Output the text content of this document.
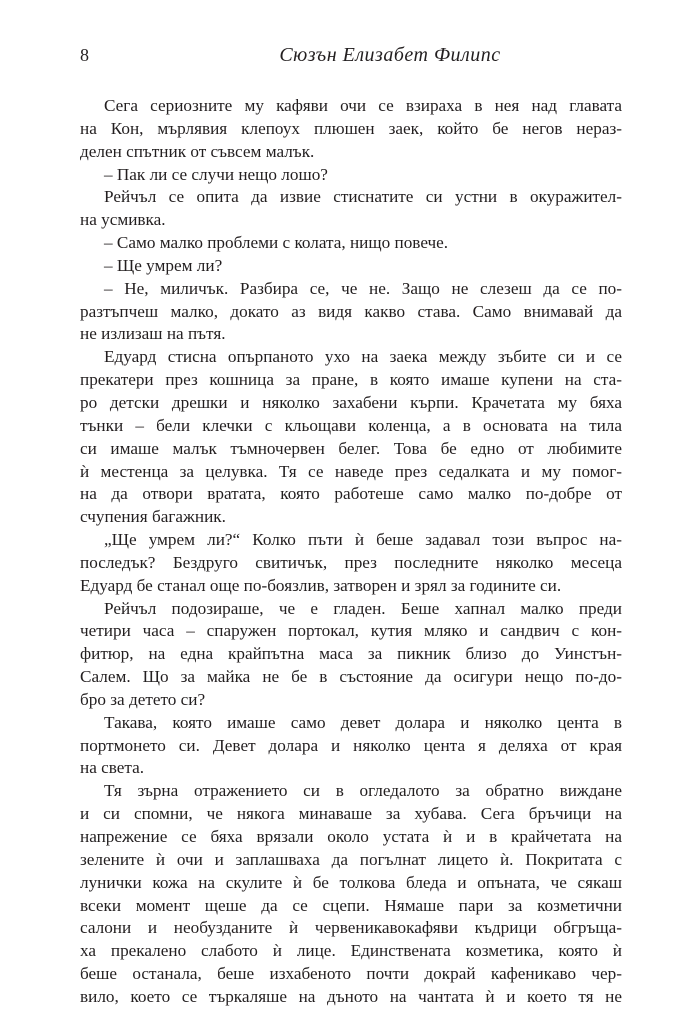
8	Сюзън Елизабет Филипс
Сега сериозните му кафяви очи се взираха в нея над главата
на Кон, мърлявия клепоух плюшен заек, който бе негов нераз-
делен спътник от съвсем малък.
– Пак ли се случи нещо лошо?
Рейчъл се опита да извие стиснатите си устни в окуражител-
на усмивка.
– Само малко проблеми с колата, нищо повече.
– Ще умрем ли?
– Не, миличък. Разбира се, че не. Защо не слезеш да се по-
разтъпчеш малко, докато аз видя какво става. Само внимавай да
не излизаш на пътя.
Едуард стисна опърпаното ухо на заека между зъбите си и се
прекатери през кошница за пране, в която имаше купени на ста-
ро детски дрешки и няколко захабени кърпи. Крачетата му бяха
тънки – бели клечки с кльощави коленца, а в основата на тила
си имаше малък тъмночервен белег. Това бе едно от любимите
ѝ местенца за целувка. Тя се наведе през седалката и му помог-
на да отвори вратата, която работеше само малко по-добре от
счупения багажник.
„Ще умрем ли?“ Колко пъти ѝ беше задавал този въпрос на-
последък? Бездруго свитичък, през последните няколко месеца
Едуард бе станал още по-боязлив, затворен и зрял за годините си.
Рейчъл подозираше, че е гладен. Беше хапнал малко преди
четири часа – спаружен портокал, кутия мляко и сандвич с кон-
фитюр, на една крайпътна маса за пикник близо до Уинстън-
Салем. Що за майка не бе в състояние да осигури нещо по-до-
бро за детето си?
Такава, която имаше само девет долара и няколко цента в
портмонето си. Девет долара и няколко цента я деляха от края
на света.
Тя зърна отражението си в огледалото за обратно виждане
и си спомни, че някога минаваше за хубава. Сега бръчици на
напрежение се бяха врязали около устата ѝ и в крайчетата на
зелените ѝ очи и заплашваха да погълнат лицето ѝ. Покритата с
лунички кожа на скулите ѝ бе толкова бледа и опъната, че сякаш
всеки момент щеше да се сцепи. Нямаше пари за козметични
салони и необузданите ѝ червеникавокафяви къдрици обгръща-
ха прекалено слабото ѝ лице. Единствената козметика, която ѝ
беше останала, беше изхабеното почти докрай кафеникаво чер-
вило, което се търкаляше на дъното на чантата ѝ и което тя не
